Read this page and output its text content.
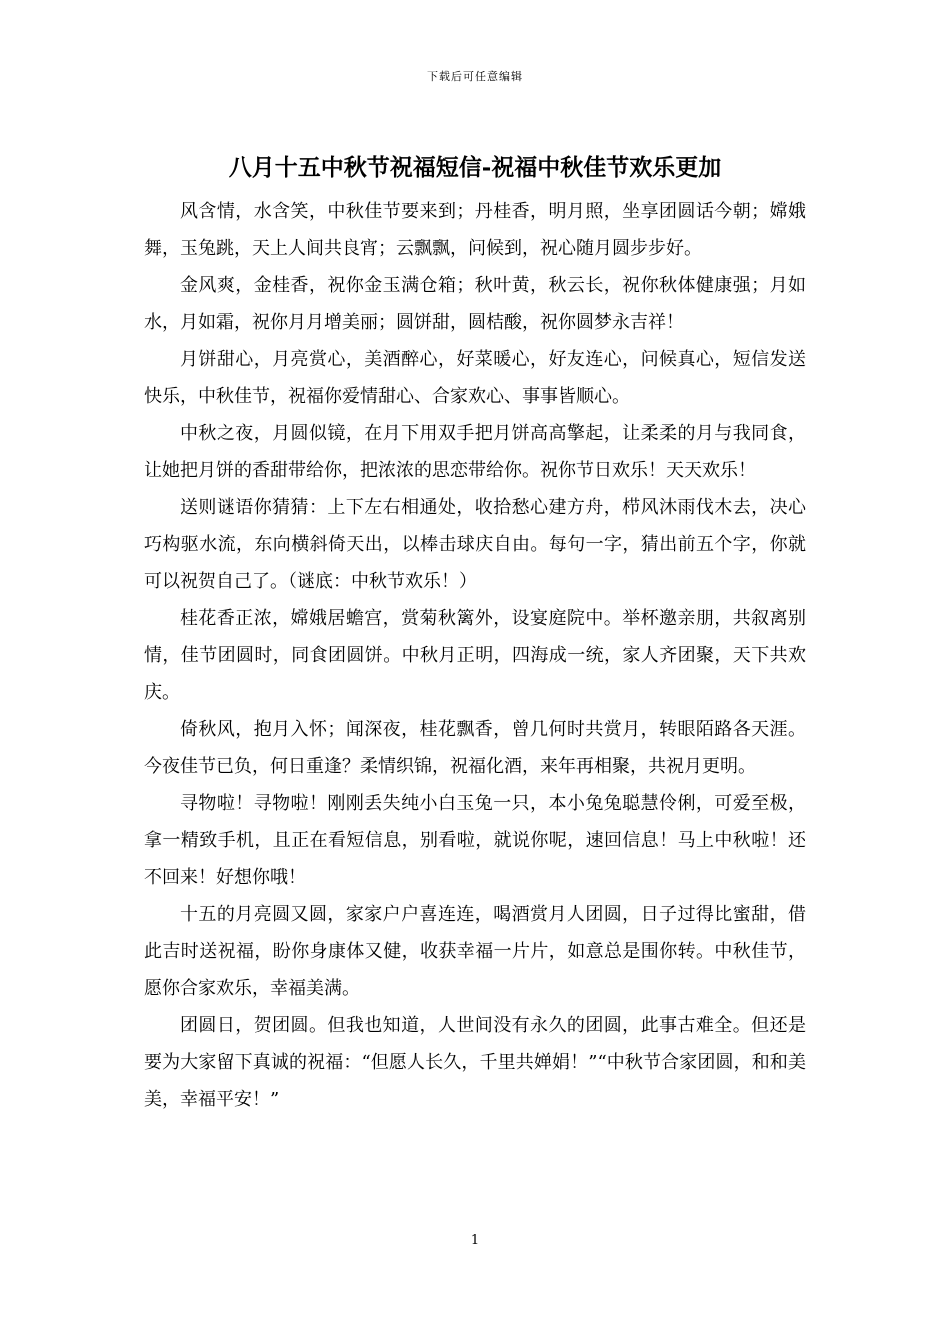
下载后可任意编辑
八月十五中秋节祝福短信-祝福中秋佳节欢乐更加

风含情，水含笑，中秋佳节要来到；丹桂香，明月照，坐享团圆话今朝；嫦娥舞，玉兔跳，天上人间共良宵；云飘飘，问候到，祝心随月圆步步好。

金风爽，金桂香，祝你金玉满仓箱；秋叶黄，秋云长，祝你秋体健康强；月如水，月如霜，祝你月月增美丽；圆饼甜，圆桔酸，祝你圆梦永吉祥！

月饼甜心，月亮赏心，美酒醉心，好菜暖心，好友连心，问候真心，短信发送快乐，中秋佳节，祝福你爱情甜心、合家欢心、事事皆顺心。

中秋之夜，月圆似镜，在月下用双手把月饼高高擎起，让柔柔的月与我同食，让她把月饼的香甜带给你，把浓浓的思恋带给你。祝你节日欢乐！天天欢乐！

送则谜语你猜猜：上下左右相通处，收拾愁心建方舟，栉风沐雨伐木去，决心巧构驱水流，东向横斜倚天出，以棒击球庆自由。每句一字，猜出前五个字，你就可以祝贺自己了。（谜底：中秋节欢乐！）

桂花香正浓，嫦娥居蟾宫，赏菊秋篱外，设宴庭院中。举杯邀亲朋，共叙离别情，佳节团圆时，同食团圆饼。中秋月正明，四海成一统，家人齐团聚，天下共欢庆。

倚秋风，抱月入怀；闻深夜，桂花飘香，曾几何时共赏月，转眼陌路各天涯。今夜佳节已负，何日重逢？柔情织锦，祝福化酒，来年再相聚，共祝月更明。

寻物啦！寻物啦！刚刚丢失纯小白玉兔一只，本小兔兔聪慧伶俐，可爱至极，拿一精致手机，且正在看短信息，别看啦，就说你呢，速回信息！马上中秋啦！还不回来！好想你哦！

十五的月亮圆又圆，家家户户喜连连，喝酒赏月人团圆，日子过得比蜜甜，借此吉时送祝福，盼你身康体又健，收获幸福一片片，如意总是围你转。中秋佳节，愿你合家欢乐，幸福美满。

团圆日，贺团圆。但我也知道，人世间没有永久的团圆，此事古难全。但还是要为大家留下真诚的祝福：“但愿人长久，千里共婵娟！”“中秋节合家团圆，和和美美，幸福平安！”

1
